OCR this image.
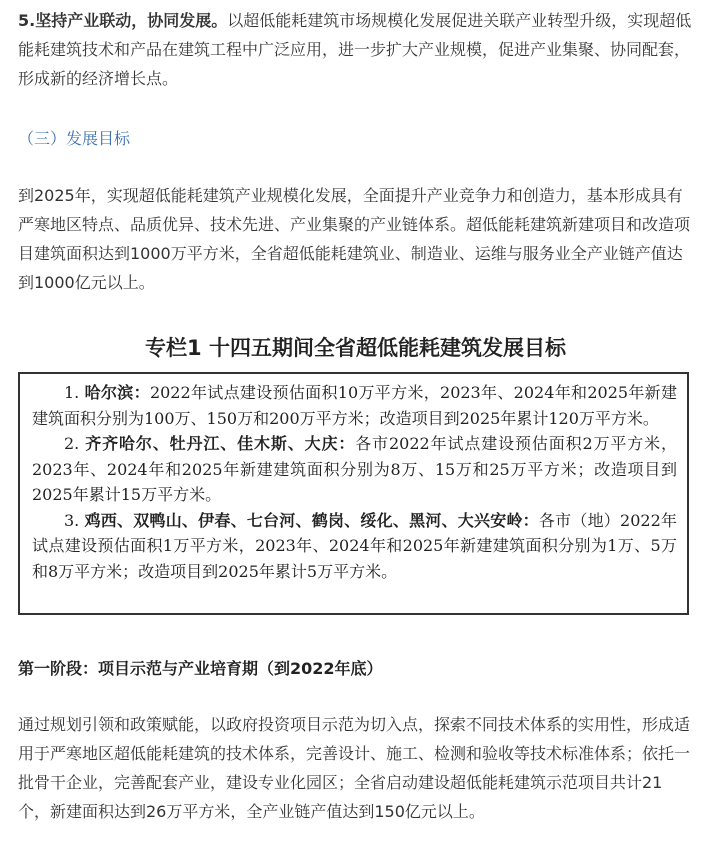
5.坚持产业联动，协同发展。以超低能耗建筑市场规模化发展促进关联产业转型升级，实现超低能耗建筑技术和产品在建筑工程中广泛应用，进一步扩大产业规模，促进产业集聚、协同配套，形成新的经济增长点。

（三）发展目标

到2025年，实现超低能耗建筑产业规模化发展，全面提升产业竞争力和创造力，基本形成具有严寒地区特点、品质优异、技术先进、产业集聚的产业链体系。超低能耗建筑新建项目和改造项目建筑面积达到1000万平方米，全省超低能耗建筑业、制造业、运维与服务业全产业链产值达到1000亿元以上。

专栏1 十四五期间全省超低能耗建筑发展目标

1. 哈尔滨：2022年试点建设预估面积10万平方米，2023年、2024年和2025年新建建筑面积分别为100万、150万和200万平方米；改造项目到2025年累计120万平方米。

2. 齐齐哈尔、牡丹江、佳木斯、大庆：各市2022年试点建设预估面积2万平方米，2023年、2024年和2025年新建建筑面积分别为8万、15万和25万平方米；改造项目到2025年累计15万平方米。

3. 鸡西、双鸭山、伊春、七台河、鹤岗、绥化、黑河、大兴安岭：各市（地）2022年试点建设预估面积1万平方米，2023年、2024年和2025年新建建筑面积分别为1万、5万和8万平方米；改造项目到2025年累计5万平方米。

第一阶段：项目示范与产业培育期（到2022年底）

通过规划引领和政策赋能，以政府投资项目示范为切入点，探索不同技术体系的实用性，形成适用于严寒地区超低能耗建筑的技术体系，完善设计、施工、检测和验收等技术标准体系；依托一批骨干企业，完善配套产业，建设专业化园区；全省启动建设超低能耗建筑示范项目共计21个，新建面积达到26万平方米，全产业链产值达到150亿元以上。
